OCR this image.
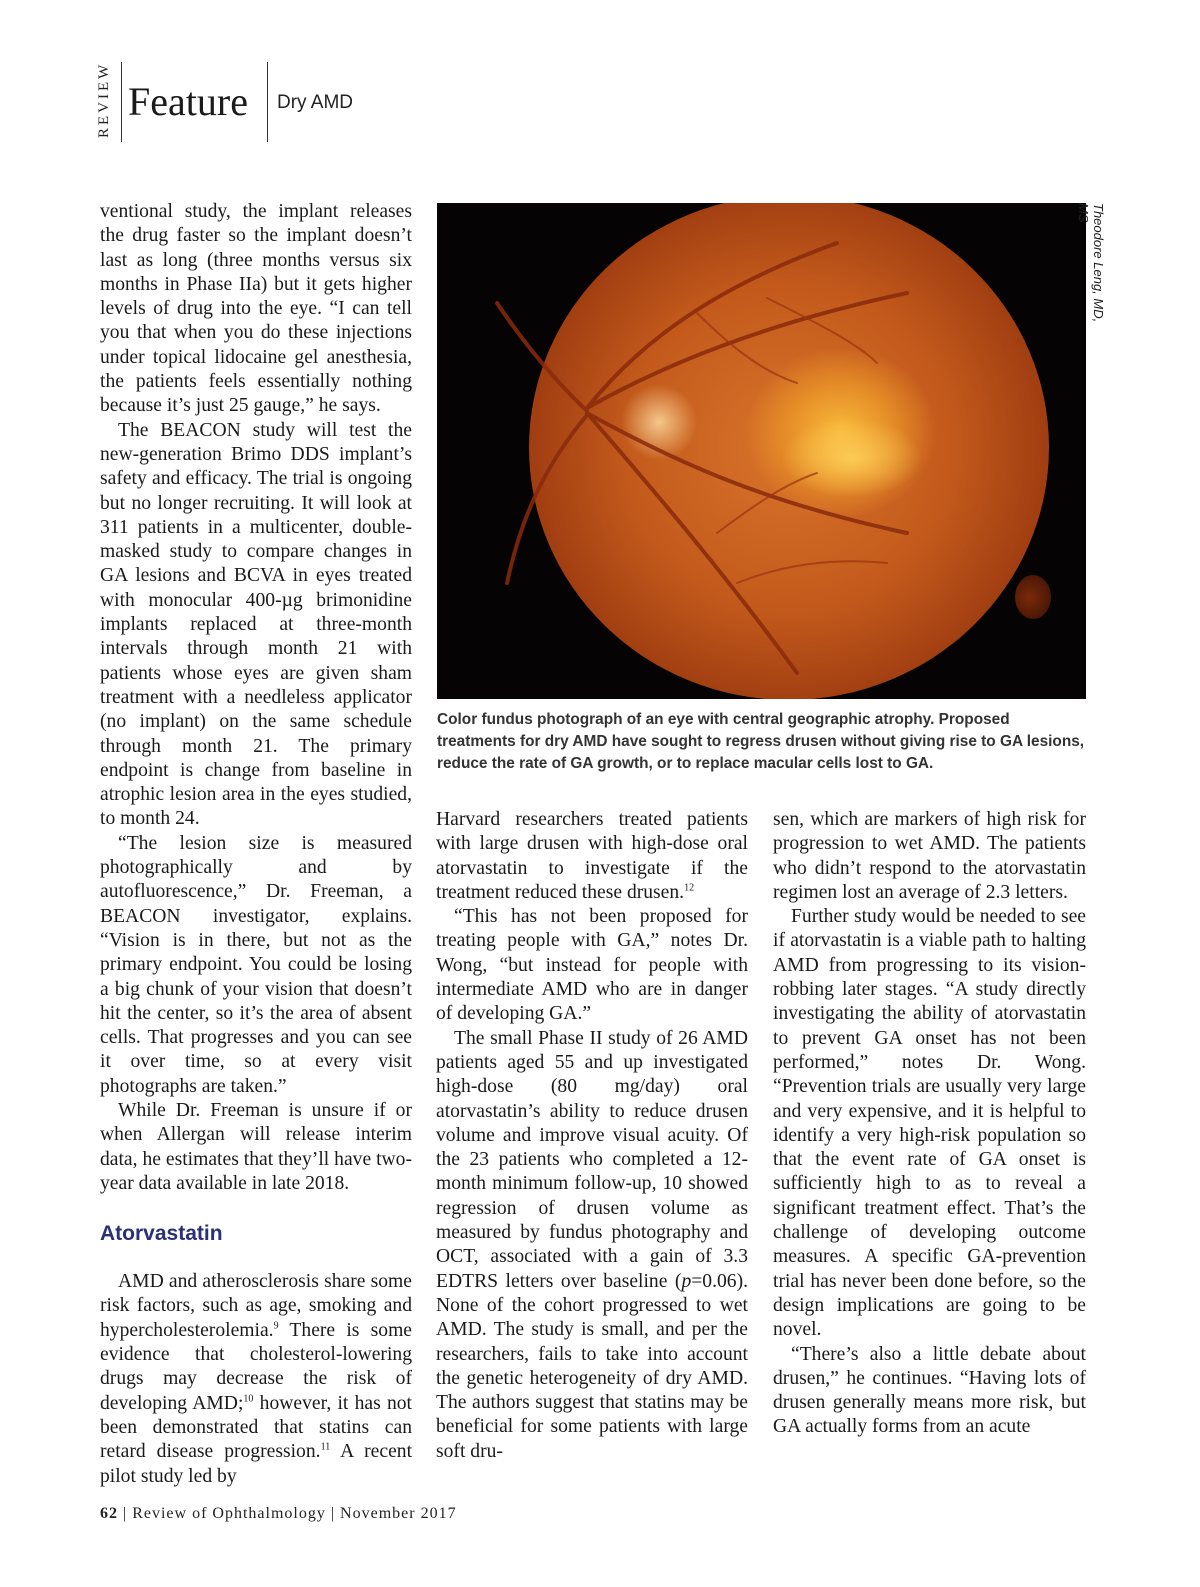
REVIEW Feature Dry AMD

ventional study, the implant releases the drug faster so the implant doesn’t last as long (three months versus six months in Phase IIa) but it gets higher levels of drug into the eye. “I can tell you that when you do these injections under topical lidocaine gel anesthesia, the patients feels essentially nothing because it’s just 25 gauge,” he says.

The BEACON study will test the new-generation Brimo DDS implant’s safety and efficacy. The trial is ongoing but no longer recruiting. It will look at 311 patients in a multicenter, double-masked study to compare changes in GA lesions and BCVA in eyes treated with monocular 400-µg brimonidine implants replaced at three-month intervals through month 21 with patients whose eyes are given sham treatment with a needleless applicator (no implant) on the same schedule through month 21. The primary endpoint is change from baseline in atrophic lesion area in the eyes studied, to month 24.

“The lesion size is measured photographically and by autofluorescence,” Dr. Freeman, a BEACON investigator, explains. “Vision is in there, but not as the primary endpoint. You could be losing a big chunk of your vision that doesn’t hit the center, so it’s the area of absent cells. That progresses and you can see it over time, so at every visit photographs are taken.”

While Dr. Freeman is unsure if or when Allergan will release interim data, he estimates that they’ll have two-year data available in late 2018.

Atorvastatin

AMD and atherosclerosis share some risk factors, such as age, smoking and hypercholesterolemia.$^9$ There is some evidence that cholesterol-lowering drugs may decrease the risk of developing AMD;$^{10}$ however, it has not been demonstrated that statins can retard disease progression.$^{11}$ A recent pilot study led by

Theodore Leng, MD, MS
Color fundus photograph of an eye with central geographic atrophy. Proposed treatments for dry AMD have sought to regress drusen without giving rise to GA lesions, reduce the rate of GA growth, or to replace macular cells lost to GA.

Harvard researchers treated patients with large drusen with high-dose oral atorvastatin to investigate if the treatment reduced these drusen.$^{12}$

“This has not been proposed for treating people with GA,” notes Dr. Wong, “but instead for people with intermediate AMD who are in danger of developing GA.”

The small Phase II study of 26 AMD patients aged 55 and up investigated high-dose (80 mg/day) oral atorvastatin’s ability to reduce drusen volume and improve visual acuity. Of the 23 patients who completed a 12-month minimum follow-up, 10 showed regression of drusen volume as measured by fundus photography and OCT, associated with a gain of 3.3 EDTRS letters over baseline (p=0.06). None of the cohort progressed to wet AMD. The study is small, and per the researchers, fails to take into account the genetic heterogeneity of dry AMD. The authors suggest that statins may be beneficial for some patients with large soft dru-

sen, which are markers of high risk for progression to wet AMD. The patients who didn’t respond to the atorvastatin regimen lost an average of 2.3 letters.

Further study would be needed to see if atorvastatin is a viable path to halting AMD from progressing to its vision-robbing later stages. “A study directly investigating the ability of atorvastatin to prevent GA onset has not been performed,” notes Dr. Wong. “Prevention trials are usually very large and very expensive, and it is helpful to identify a very high-risk population so that the event rate of GA onset is sufficiently high to as to reveal a significant treatment effect. That’s the challenge of developing outcome measures. A specific GA-prevention trial has never been done before, so the design implications are going to be novel.

“There’s also a little debate about drusen,” he continues. “Having lots of drusen generally means more risk, but GA actually forms from an acute

62 | Review of Ophthalmology | November 2017
